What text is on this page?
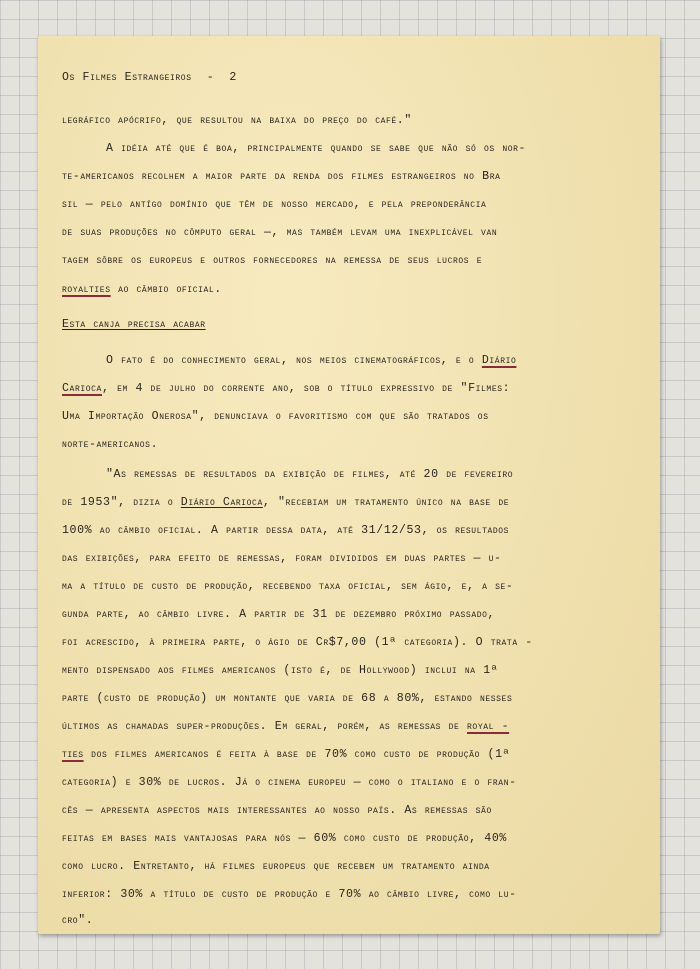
Os Filmes Estrangeiros  -  2
legráfico apócrifo, que resultou na baixa do preço do café."
A idéia até que é boa, principalmente quando se sabe que não só os nor-
te-americanos recolhem a maior parte da renda dos filmes estrangeiros no Bra
sil — pelo antígo domínio que têm de nosso mercado, e pela preponderância
de suas produções no cômputo geral —, mas também levam uma inexplicável van
tagem sôbre os europeus e outros fornecedores na remessa de seus lucros e
royalties ao câmbio oficial.
Esta canja precisa acabar
O fato é do conhecimento geral, nos meios cinematográficos, e o Diário
Carioca, em 4 de julho do corrente ano, sob o título expressivo de "Filmes:
Uma Importação Onerosa", denunciava o favoritismo com que são tratados os
norte-americanos.
"As remessas de resultados da exibição de filmes, até 20 de fevereiro
de 1953", dizia o Diário Carioca, "recebiam um tratamento único na base de
100% ao câmbio oficial. A partir dessa data, até 31/12/53, os resultados
das exibições, para efeito de remessas, foram divididos em duas partes — u-
ma a título de custo de produção, recebendo taxa oficial, sem ágio, e, a se-
gunda parte, ao câmbio livre. A partir de 31 de dezembro próximo passado,
foi acrescido, à primeira parte, o ágio de Cr$7,00 (1ª categoria). O trata -
mento dispensado aos filmes americanos (isto é, de Hollywood) inclui na 1ª
parte (custo de produção) um montante que varia de 68 a 80%, estando nesses
últimos as chamadas super-produções. Em geral, porém, as remessas de royal -
ties dos filmes americanos é feita à base de 70% como custo de produção (1ª
categoria) e 30% de lucros. Já o cinema europeu — como o italiano e o fran-
cês — apresenta aspectos mais interessantes ao nosso país. As remessas são
feitas em bases mais vantajosas para nós — 60% como custo de produção, 40%
como lucro. Entretanto, há filmes europeus que recebem um tratamento ainda
inferior: 30% a título de custo de produção e 70% ao câmbio livre, como lu-
cro".
